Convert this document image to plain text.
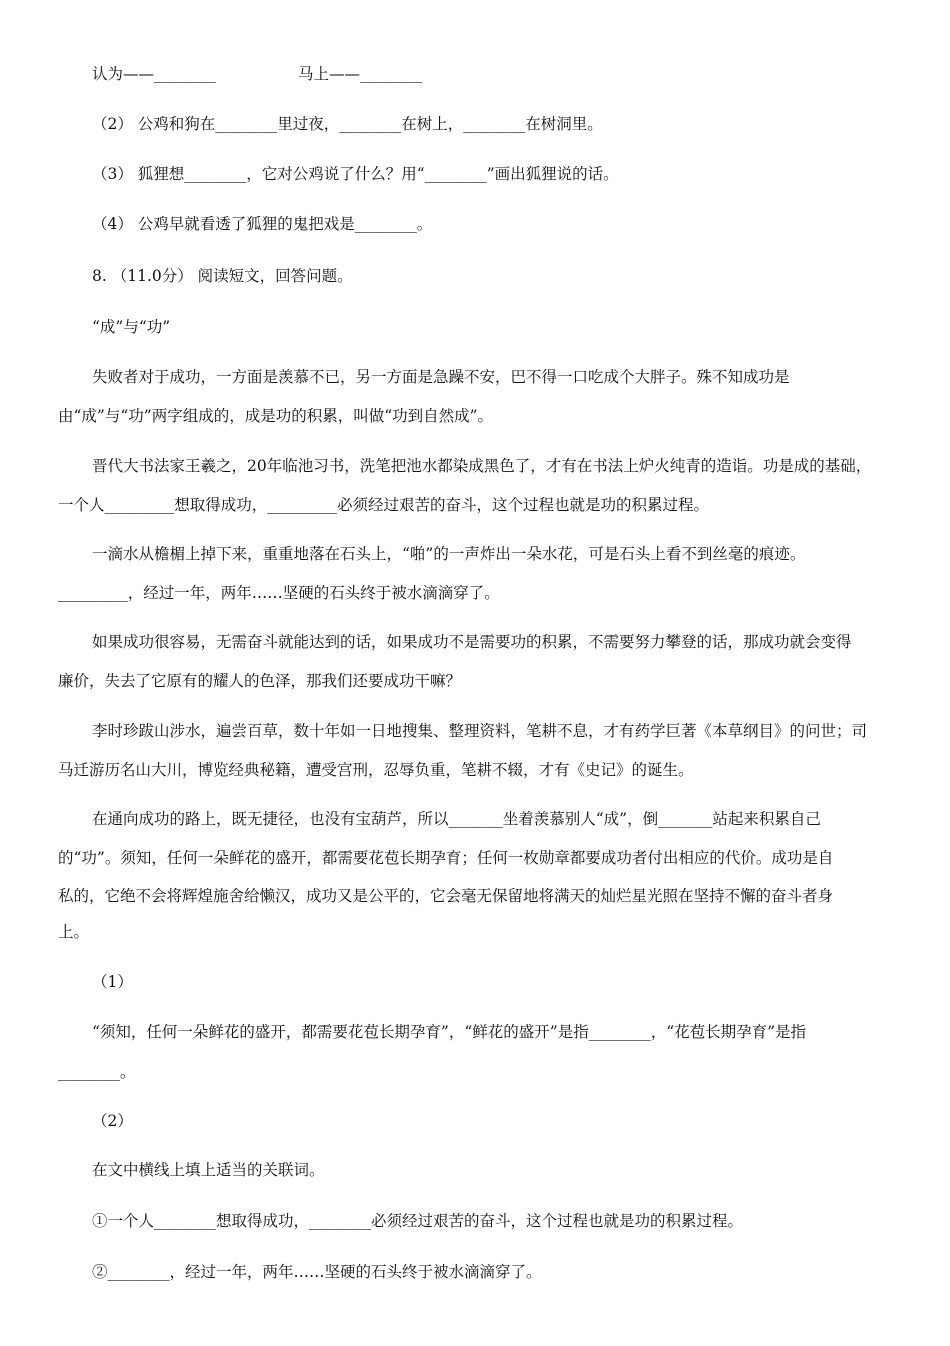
认为——________	马上——________
（2） 公鸡和狗在________里过夜，________在树上，________在树洞里。
（3） 狐狸想________，它对公鸡说了什么？用“________”画出狐狸说的话。
（4） 公鸡早就看透了狐狸的鬼把戏是________。
8. （11.0分） 阅读短文，回答问题。
“成”与“功”
失败者对于成功，一方面是羡慕不已，另一方面是急躁不安，巴不得一口吃成个大胖子。殊不知成功是
由“成”与“功”两字组成的，成是功的积累，叫做“功到自然成”。
晋代大书法家王羲之，20年临池习书，洗笔把池水都染成黑色了，才有在书法上炉火纯青的造诣。功是成的基础，
一个人_________想取得成功，_________必须经过艰苦的奋斗，这个过程也就是功的积累过程。
一滴水从檐楣上掉下来，重重地落在石头上，“啪”的一声炸出一朵水花，可是石头上看不到丝毫的痕迹。
_________，经过一年，两年……坚硬的石头终于被水滴滴穿了。
如果成功很容易，无需奋斗就能达到的话，如果成功不是需要功的积累，不需要努力攀登的话，那成功就会变得
廉价，失去了它原有的耀人的色泽，那我们还要成功干嘛？
李时珍跋山涉水，遍尝百草，数十年如一日地搜集、整理资料，笔耕不息，才有药学巨著《本草纲目》的问世；司
马迁游历名山大川，博览经典秘籍，遭受宫刑，忍辱负重，笔耕不辍，才有《史记》的诞生。
在通向成功的路上，既无捷径，也没有宝葫芦，所以_______坐着羡慕别人“成”，倒_______站起来积累自己
的“功”。须知，任何一朵鲜花的盛开，都需要花苞长期孕育；任何一枚勋章都要成功者付出相应的代价。成功是自
私的，它绝不会将辉煌施舍给懒汉，成功又是公平的，它会毫无保留地将满天的灿烂星光照在坚持不懈的奋斗者身
上。
（1）
“须知，任何一朵鲜花的盛开，都需要花苞长期孕育”，“鲜花的盛开”是指________，“花苞长期孕育”是指
________。
（2）
在文中横线上填上适当的关联词。
①一个人________想取得成功，________必须经过艰苦的奋斗，这个过程也就是功的积累过程。
②________，经过一年，两年……坚硬的石头终于被水滴滴穿了。
